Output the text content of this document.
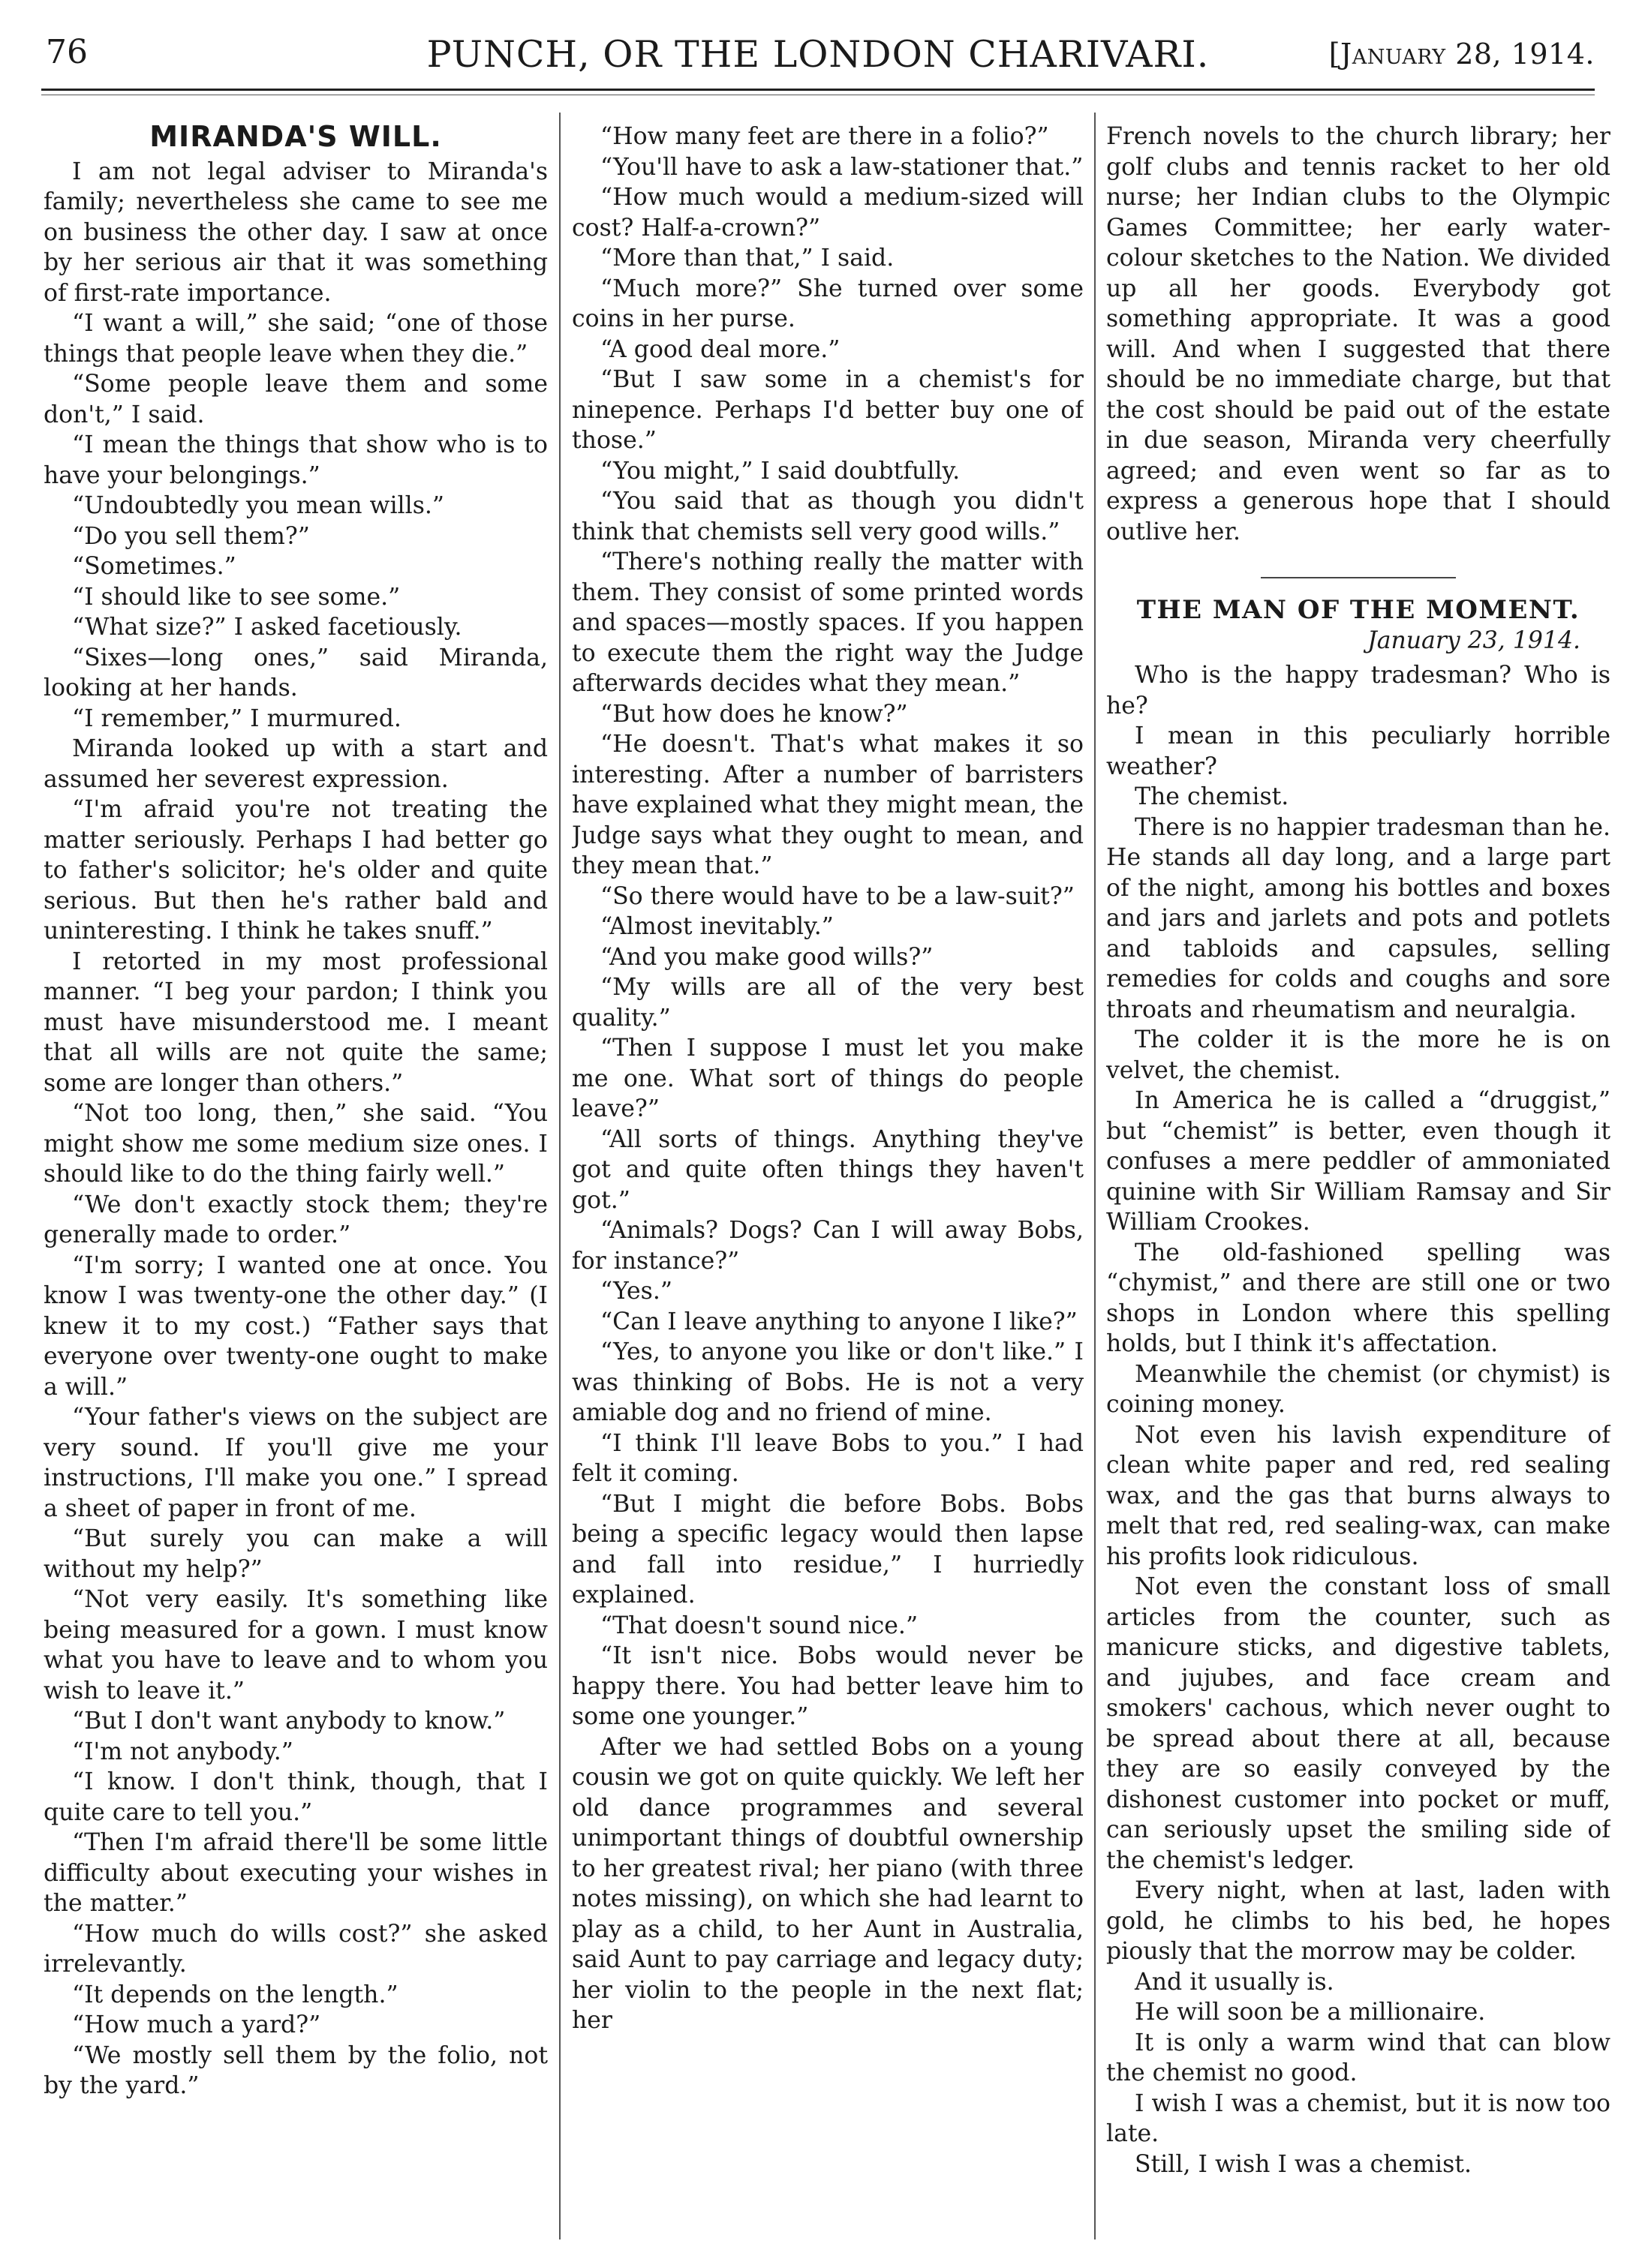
76	PUNCH, OR THE LONDON CHARIVARI.	[January 28, 1914.
MIRANDA'S WILL.

I am not legal adviser to Miranda's family; nevertheless she came to see me on business the other day. I saw at once by her serious air that it was something of first-rate importance.

“I want a will,” she said; “one of those things that people leave when they die.”

“Some people leave them and some don't,” I said.

“I mean the things that show who is to have your belongings.”

“Undoubtedly you mean wills.”

“Do you sell them?”

“Sometimes.”

“I should like to see some.”

“What size?” I asked facetiously.

“Sixes—long ones,” said Miranda, looking at her hands.

“I remember,” I murmured.

Miranda looked up with a start and assumed her severest expression.

“I'm afraid you're not treating the matter seriously. Perhaps I had better go to father's solicitor; he's older and quite serious. But then he's rather bald and uninteresting. I think he takes snuff.”

I retorted in my most professional manner. “I beg your pardon; I think you must have misunderstood me. I meant that all wills are not quite the same; some are longer than others.”

“Not too long, then,” she said. “You might show me some medium size ones. I should like to do the thing fairly well.”

“We don't exactly stock them; they're generally made to order.”

“I'm sorry; I wanted one at once. You know I was twenty-one the other day.” (I knew it to my cost.) “Father says that everyone over twenty-one ought to make a will.”

“Your father's views on the subject are very sound. If you'll give me your instructions, I'll make you one.” I spread a sheet of paper in front of me.

“But surely you can make a will without my help?”

“Not very easily. It's something like being measured for a gown. I must know what you have to leave and to whom you wish to leave it.”

“But I don't want anybody to know.”

“I'm not anybody.”

“I know. I don't think, though, that I quite care to tell you.”

“Then I'm afraid there'll be some little difficulty about executing your wishes in the matter.”

“How much do wills cost?” she asked irrelevantly.

“It depends on the length.”

“How much a yard?”

“We mostly sell them by the folio, not by the yard.”

“How many feet are there in a folio?”

“You'll have to ask a law-stationer that.”

“How much would a medium-sized will cost? Half-a-crown?”

“More than that,” I said.

“Much more?” She turned over some coins in her purse.

“A good deal more.”

“But I saw some in a chemist's for ninepence. Perhaps I'd better buy one of those.”

“You might,” I said doubtfully.

“You said that as though you didn't think that chemists sell very good wills.”

“There's nothing really the matter with them. They consist of some printed words and spaces—mostly spaces. If you happen to execute them the right way the Judge afterwards decides what they mean.”

“But how does he know?”

“He doesn't. That's what makes it so interesting. After a number of barristers have explained what they might mean, the Judge says what they ought to mean, and they mean that.”

“So there would have to be a law-suit?”

“Almost inevitably.”

“And you make good wills?”

“My wills are all of the very best quality.”

“Then I suppose I must let you make me one. What sort of things do people leave?”

“All sorts of things. Anything they've got and quite often things they haven't got.”

“Animals? Dogs? Can I will away Bobs, for instance?”

“Yes.”

“Can I leave anything to anyone I like?”

“Yes, to anyone you like or don't like.” I was thinking of Bobs. He is not a very amiable dog and no friend of mine.

“I think I'll leave Bobs to you.” I had felt it coming.

“But I might die before Bobs. Bobs being a specific legacy would then lapse and fall into residue,” I hurriedly explained.

“That doesn't sound nice.”

“It isn't nice. Bobs would never be happy there. You had better leave him to some one younger.”

After we had settled Bobs on a young cousin we got on quite quickly. We left her old dance programmes and several unimportant things of doubtful ownership to her greatest rival; her piano (with three notes missing), on which she had learnt to play as a child, to her Aunt in Australia, said Aunt to pay carriage and legacy duty; her violin to the people in the next flat; her

French novels to the church library; her golf clubs and tennis racket to her old nurse; her Indian clubs to the Olympic Games Committee; her early water-colour sketches to the Nation. We divided up all her goods. Everybody got something appropriate. It was a good will. And when I suggested that there should be no immediate charge, but that the cost should be paid out of the estate in due season, Miranda very cheerfully agreed; and even went so far as to express a generous hope that I should outlive her.

THE MAN OF THE MOMENT.
January 23, 1914.

Who is the happy tradesman? Who is he?

I mean in this peculiarly horrible weather?

The chemist.

There is no happier tradesman than he. He stands all day long, and a large part of the night, among his bottles and boxes and jars and jarlets and pots and potlets and tabloids and capsules, selling remedies for colds and coughs and sore throats and rheumatism and neuralgia.

The colder it is the more he is on velvet, the chemist.

In America he is called a “druggist,” but “chemist” is better, even though it confuses a mere peddler of ammoniated quinine with Sir William Ramsay and Sir William Crookes.

The old-fashioned spelling was “chymist,” and there are still one or two shops in London where this spelling holds, but I think it's affectation.

Meanwhile the chemist (or chymist) is coining money.

Not even his lavish expenditure of clean white paper and red, red sealing wax, and the gas that burns always to melt that red, red sealing-wax, can make his profits look ridiculous.

Not even the constant loss of small articles from the counter, such as manicure sticks, and digestive tablets, and jujubes, and face cream and smokers' cachous, which never ought to be spread about there at all, because they are so easily conveyed by the dishonest customer into pocket or muff, can seriously upset the smiling side of the chemist's ledger.

Every night, when at last, laden with gold, he climbs to his bed, he hopes piously that the morrow may be colder.

And it usually is.

He will soon be a millionaire.

It is only a warm wind that can blow the chemist no good.

I wish I was a chemist, but it is now too late.

Still, I wish I was a chemist.
